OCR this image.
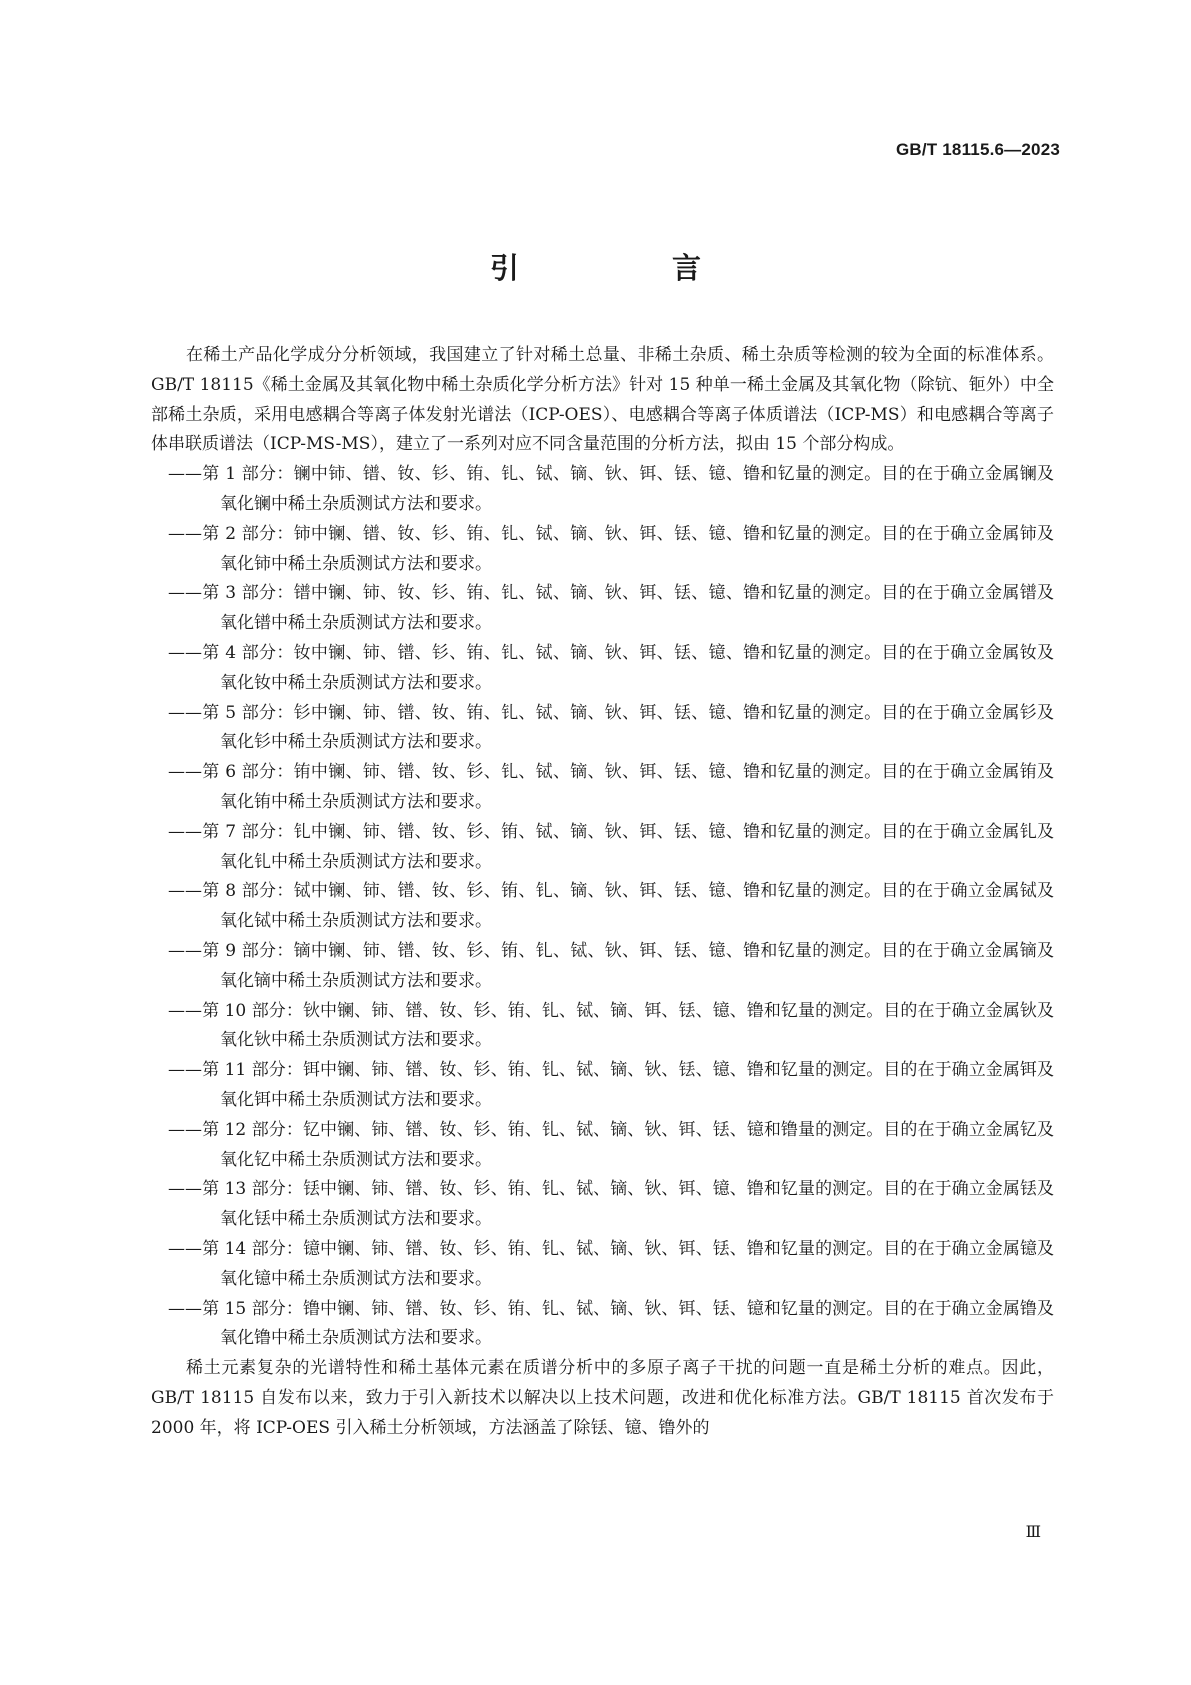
GB/T 18115.6—2023
引　言

在稀土产品化学成分分析领域，我国建立了针对稀土总量、非稀土杂质、稀土杂质等检测的较为全面的标准体系。GB/T 18115《稀土金属及其氧化物中稀土杂质化学分析方法》针对 15 种单一稀土金属及其氧化物（除钪、钷外）中全部稀土杂质，采用电感耦合等离子体发射光谱法（ICP-OES）、电感耦合等离子体质谱法（ICP-MS）和电感耦合等离子体串联质谱法（ICP-MS-MS），建立了一系列对应不同含量范围的分析方法，拟由 15 个部分构成。

——第 1 部分：镧中铈、镨、钕、钐、铕、钆、铽、镝、钬、铒、铥、镱、镥和钇量的测定。目的在于确立金属镧及氧化镧中稀土杂质测试方法和要求。
——第 2 部分：铈中镧、镨、钕、钐、铕、钆、铽、镝、钬、铒、铥、镱、镥和钇量的测定。目的在于确立金属铈及氧化铈中稀土杂质测试方法和要求。
——第 3 部分：镨中镧、铈、钕、钐、铕、钆、铽、镝、钬、铒、铥、镱、镥和钇量的测定。目的在于确立金属镨及氧化镨中稀土杂质测试方法和要求。
——第 4 部分：钕中镧、铈、镨、钐、铕、钆、铽、镝、钬、铒、铥、镱、镥和钇量的测定。目的在于确立金属钕及氧化钕中稀土杂质测试方法和要求。
——第 5 部分：钐中镧、铈、镨、钕、铕、钆、铽、镝、钬、铒、铥、镱、镥和钇量的测定。目的在于确立金属钐及氧化钐中稀土杂质测试方法和要求。
——第 6 部分：铕中镧、铈、镨、钕、钐、钆、铽、镝、钬、铒、铥、镱、镥和钇量的测定。目的在于确立金属铕及氧化铕中稀土杂质测试方法和要求。
——第 7 部分：钆中镧、铈、镨、钕、钐、铕、铽、镝、钬、铒、铥、镱、镥和钇量的测定。目的在于确立金属钆及氧化钆中稀土杂质测试方法和要求。
——第 8 部分：铽中镧、铈、镨、钕、钐、铕、钆、镝、钬、铒、铥、镱、镥和钇量的测定。目的在于确立金属铽及氧化铽中稀土杂质测试方法和要求。
——第 9 部分：镝中镧、铈、镨、钕、钐、铕、钆、铽、钬、铒、铥、镱、镥和钇量的测定。目的在于确立金属镝及氧化镝中稀土杂质测试方法和要求。
——第 10 部分：钬中镧、铈、镨、钕、钐、铕、钆、铽、镝、铒、铥、镱、镥和钇量的测定。目的在于确立金属钬及氧化钬中稀土杂质测试方法和要求。
——第 11 部分：铒中镧、铈、镨、钕、钐、铕、钆、铽、镝、钬、铥、镱、镥和钇量的测定。目的在于确立金属铒及氧化铒中稀土杂质测试方法和要求。
——第 12 部分：钇中镧、铈、镨、钕、钐、铕、钆、铽、镝、钬、铒、铥、镱和镥量的测定。目的在于确立金属钇及氧化钇中稀土杂质测试方法和要求。
——第 13 部分：铥中镧、铈、镨、钕、钐、铕、钆、铽、镝、钬、铒、镱、镥和钇量的测定。目的在于确立金属铥及氧化铥中稀土杂质测试方法和要求。
——第 14 部分：镱中镧、铈、镨、钕、钐、铕、钆、铽、镝、钬、铒、铥、镥和钇量的测定。目的在于确立金属镱及氧化镱中稀土杂质测试方法和要求。
——第 15 部分：镥中镧、铈、镨、钕、钐、铕、钆、铽、镝、钬、铒、铥、镱和钇量的测定。目的在于确立金属镥及氧化镥中稀土杂质测试方法和要求。

稀土元素复杂的光谱特性和稀土基体元素在质谱分析中的多原子离子干扰的问题一直是稀土分析的难点。因此，GB/T 18115 自发布以来，致力于引入新技术以解决以上技术问题，改进和优化标准方法。GB/T 18115 首次发布于 2000 年，将 ICP-OES 引入稀土分析领域，方法涵盖了除铥、镱、镥外的

Ⅲ
